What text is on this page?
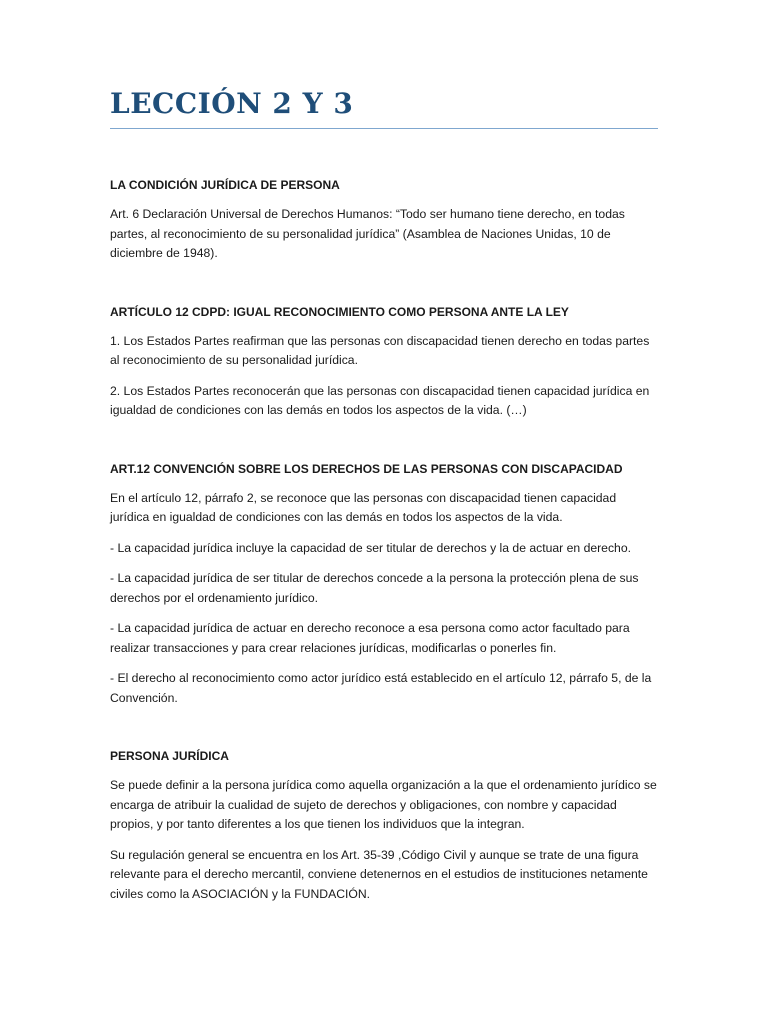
LECCIÓN 2 Y 3
LA CONDICIÓN JURÍDICA DE PERSONA

Art. 6 Declaración Universal de Derechos Humanos: “Todo ser humano tiene derecho, en todas partes, al reconocimiento de su personalidad jurídica” (Asamblea de Naciones Unidas, 10 de diciembre de 1948).

ARTÍCULO 12 CDPD: IGUAL RECONOCIMIENTO COMO PERSONA ANTE LA LEY

1. Los Estados Partes reafirman que las personas con discapacidad tienen derecho en todas partes al reconocimiento de su personalidad jurídica.

2. Los Estados Partes reconocerán que las personas con discapacidad tienen capacidad jurídica en igualdad de condiciones con las demás en todos los aspectos de la vida. (…)

ART.12 CONVENCIÓN SOBRE LOS DERECHOS DE LAS PERSONAS CON DISCAPACIDAD

En el artículo 12, párrafo 2, se reconoce que las personas con discapacidad tienen capacidad jurídica en igualdad de condiciones con las demás en todos los aspectos de la vida.

- La capacidad jurídica incluye la capacidad de ser titular de derechos y la de actuar en derecho.

- La capacidad jurídica de ser titular de derechos concede a la persona la protección plena de sus derechos por el ordenamiento jurídico.

- La capacidad jurídica de actuar en derecho reconoce a esa persona como actor facultado para realizar transacciones y para crear relaciones jurídicas, modificarlas o ponerles fin.

- El derecho al reconocimiento como actor jurídico está establecido en el artículo 12, párrafo 5, de la Convención.

PERSONA JURÍDICA

Se puede definir a la persona jurídica como aquella organización a la que el ordenamiento jurídico se encarga de atribuir la cualidad de sujeto de derechos y obligaciones, con nombre y capacidad propios, y por tanto diferentes a los que tienen los individuos que la integran.

Su regulación general se encuentra en los Art. 35-39 ,Código Civil y aunque se trate de una figura relevante para el derecho mercantil, conviene detenernos en el estudios de instituciones netamente civiles como la ASOCIACIÓN y la FUNDACIÓN.
